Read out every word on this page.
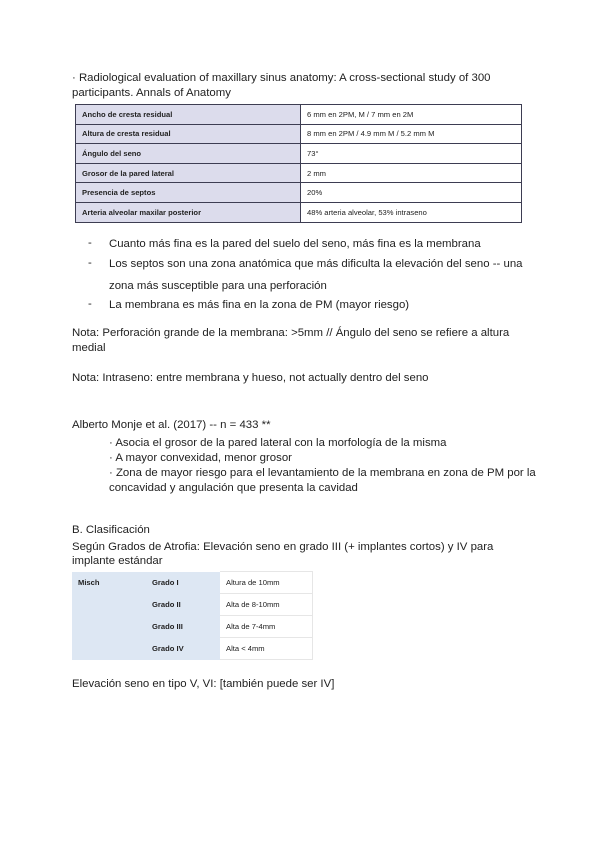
· Radiological evaluation of maxillary sinus anatomy: A cross-sectional study of 300 participants. Annals of Anatomy
Ancho de cresta residual	6 mm en 2PM, M / 7 mm en 2M
Altura de cresta residual	8 mm en 2PM / 4.9 mm M / 5.2 mm M
Ángulo del seno	73°
Grosor de la pared lateral	2 mm
Presencia de septos	20%
Arteria alveolar maxilar posterior	48% arteria alveolar, 53% intraseno
- Cuanto más fina es la pared del suelo del seno, más fina es la membrana
- Los septos son una zona anatómica que más dificulta la elevación del seno -- una
zona más susceptible para una perforación
- La membrana es más fina en la zona de PM (mayor riesgo)
Nota: Perforación grande de la membrana: >5mm // Ángulo del seno se refiere a altura
medial
Nota: Intraseno: entre membrana y hueso, not actually dentro del seno
Alberto Monje et al. (2017) -- n = 433 **
· Asocia el grosor de la pared lateral con la morfología de la misma
· A mayor convexidad, menor grosor
· Zona de mayor riesgo para el levantamiento de la membrana en zona de PM por la
concavidad y angulación que presenta la cavidad
B. Clasificación
Según Grados de Atrofia: Elevación seno en grado III (+ implantes cortos) y IV para
implante estándar
Misch	Grado I	Altura de 10mm
	Grado II	Alta de 8-10mm
	Grado III	Alta de 7-4mm
	Grado IV	Alta < 4mm
Elevación seno en tipo V, VI: [también puede ser IV]
